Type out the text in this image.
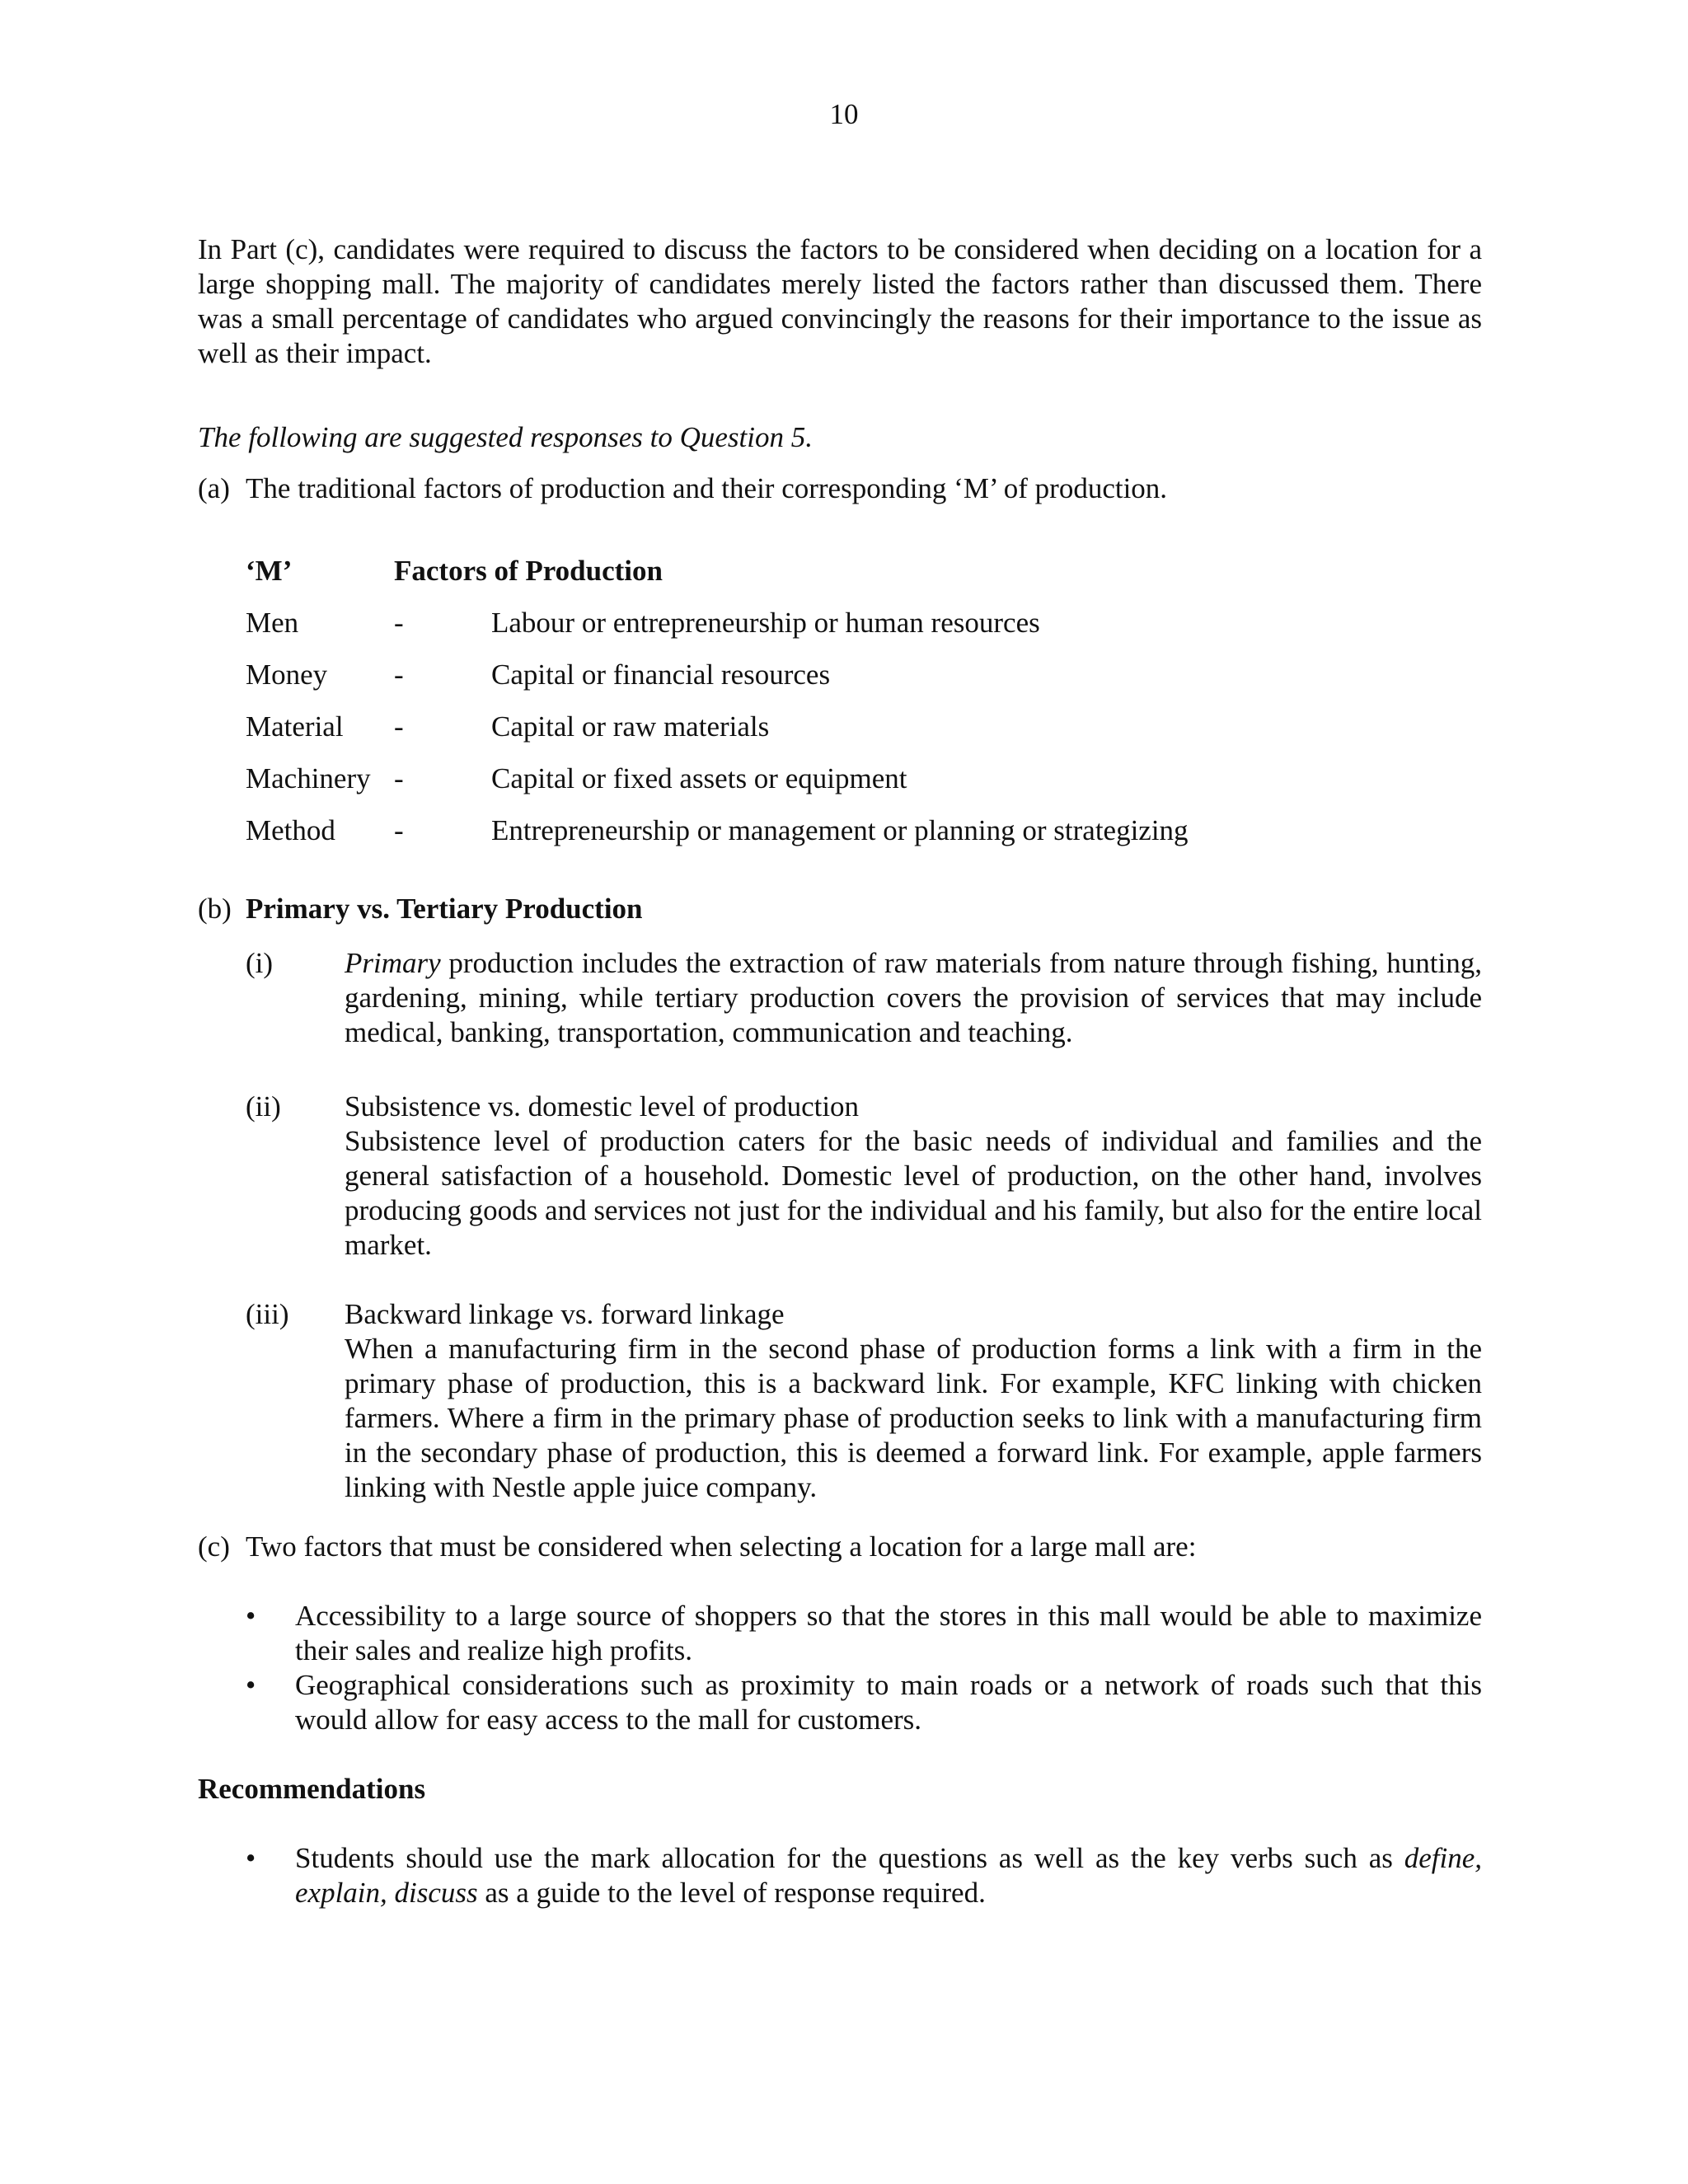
10
In Part (c), candidates were required to discuss the factors to be considered when deciding on a location for a large shopping mall. The majority of candidates merely listed the factors rather than discussed them. There was a small percentage of candidates who argued convincingly the reasons for their importance to the issue as well as their impact.
The following are suggested responses to Question 5.
(a) The traditional factors of production and their corresponding ‘M’ of production.
‘M’	Factors of Production
Men	-	Labour or entrepreneurship or human resources
Money -	Capital or financial resources
Material -	Capital or raw materials
Machinery -	Capital or fixed assets or equipment
Method -	Entrepreneurship or management or planning or strategizing
(b) Primary vs. Tertiary Production
(i) Primary production includes the extraction of raw materials from nature through fishing, hunting, gardening, mining, while tertiary production covers the provision of services that may include medical, banking, transportation, communication and teaching.
(ii) Subsistence vs. domestic level of production
Subsistence level of production caters for the basic needs of individual and families and the general satisfaction of a household. Domestic level of production, on the other hand, involves producing goods and services not just for the individual and his family, but also for the entire local market.
(iii) Backward linkage vs. forward linkage
When a manufacturing firm in the second phase of production forms a link with a firm in the primary phase of production, this is a backward link. For example, KFC linking with chicken farmers. Where a firm in the primary phase of production seeks to link with a manufacturing firm in the secondary phase of production, this is deemed a forward link. For example, apple farmers linking with Nestle apple juice company.
(c) Two factors that must be considered when selecting a location for a large mall are:
• Accessibility to a large source of shoppers so that the stores in this mall would be able to maximize their sales and realize high profits.
• Geographical considerations such as proximity to main roads or a network of roads such that this would allow for easy access to the mall for customers.
Recommendations
• Students should use the mark allocation for the questions as well as the key verbs such as define, explain, discuss as a guide to the level of response required.
